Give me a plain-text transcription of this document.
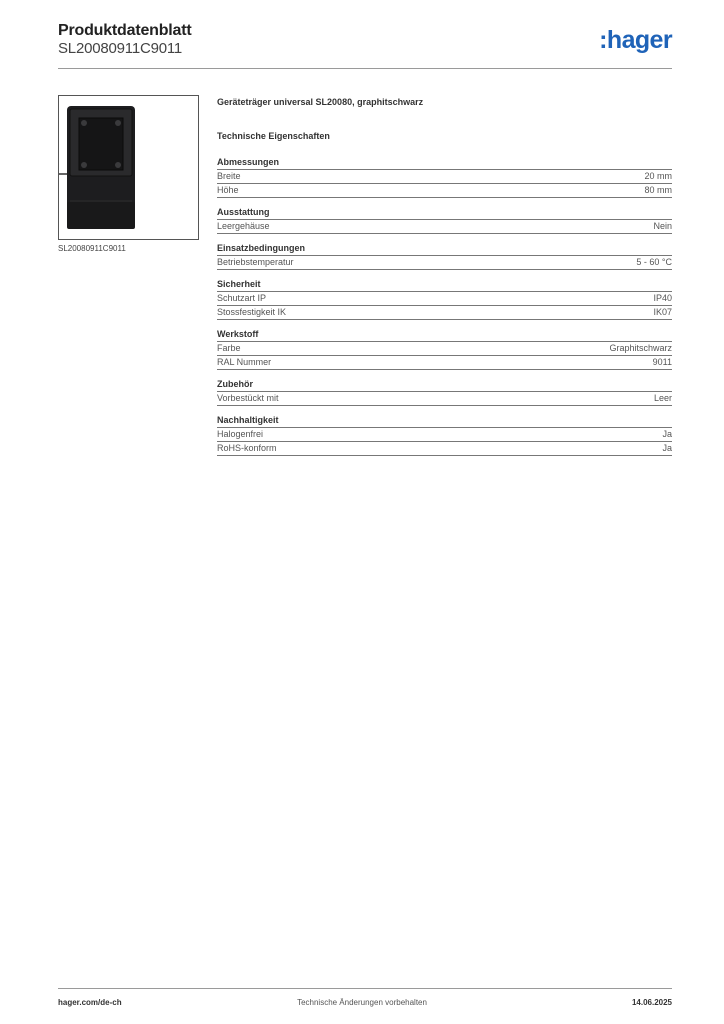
Produktdatenblatt
SL20080911C9011	:hager
SL20080911C9011
Geräteträger universal SL20080, graphitschwarz
Technische Eigenschaften
Abmessungen
Breite	20 mm
Höhe	80 mm
Ausstattung
Leergehäuse	Nein
Einsatzbedingungen
Betriebstemperatur	5 - 60 °C
Sicherheit
Schutzart IP	IP40
Stossfestigkeit IK	IK07
Werkstoff
Farbe	Graphitschwarz
RAL Nummer	9011
Zubehör
Vorbestückt mit	Leer
Nachhaltigkeit
Halogenfrei	Ja
RoHS-konform	Ja
hager.com/de-ch	Technische Änderungen vorbehalten	14.06.2025
